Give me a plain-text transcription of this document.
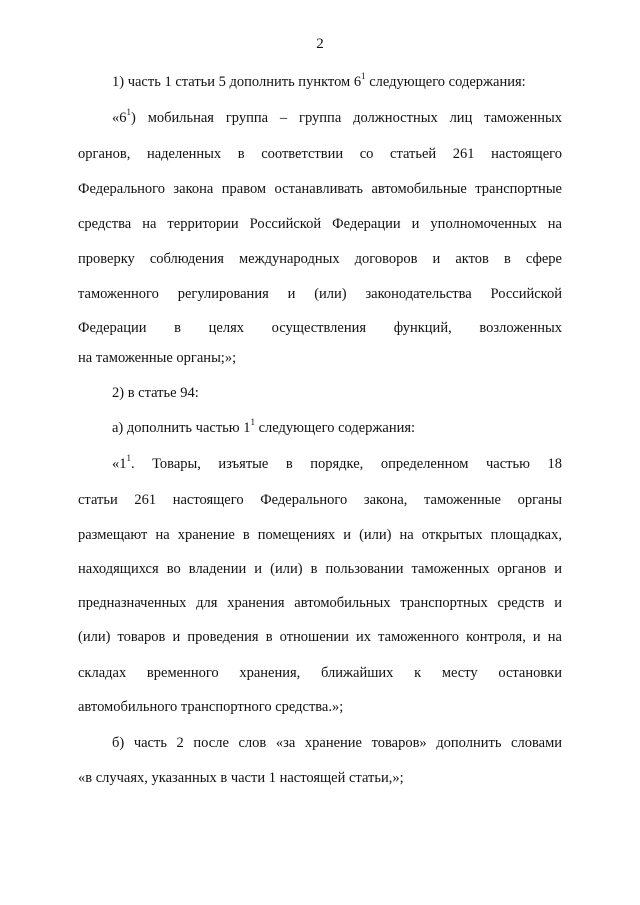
2
1) часть 1 статьи 5 дополнить пунктом $6^1$ следующего содержания:
«$6^1$) мобильная группа – группа должностных лиц таможенных
органов, наделенных в соответствии со статьей 261 настоящего
Федерального закона правом останавливать автомобильные транспортные
средства на территории Российской Федерации и уполномоченных на
проверку соблюдения международных договоров и актов в сфере
таможенного регулирования и (или) законодательства Российской
Федерации в целях осуществления функций, возложенных
на таможенные органы;»;
2) в статье 94:
а) дополнить частью $1^1$ следующего содержания:
«$1^1$. Товары, изъятые в порядке, определенном частью 18
статьи 261 настоящего Федерального закона, таможенные органы
размещают на хранение в помещениях и (или) на открытых площадках,
находящихся во владении и (или) в пользовании таможенных органов и
предназначенных для хранения автомобильных транспортных средств и
(или) товаров и проведения в отношении их таможенного контроля, и на
складах временного хранения, ближайших к месту остановки
автомобильного транспортного средства.»;
б) часть 2 после слов «за хранение товаров» дополнить словами
«в случаях, указанных в части 1 настоящей статьи,»;
